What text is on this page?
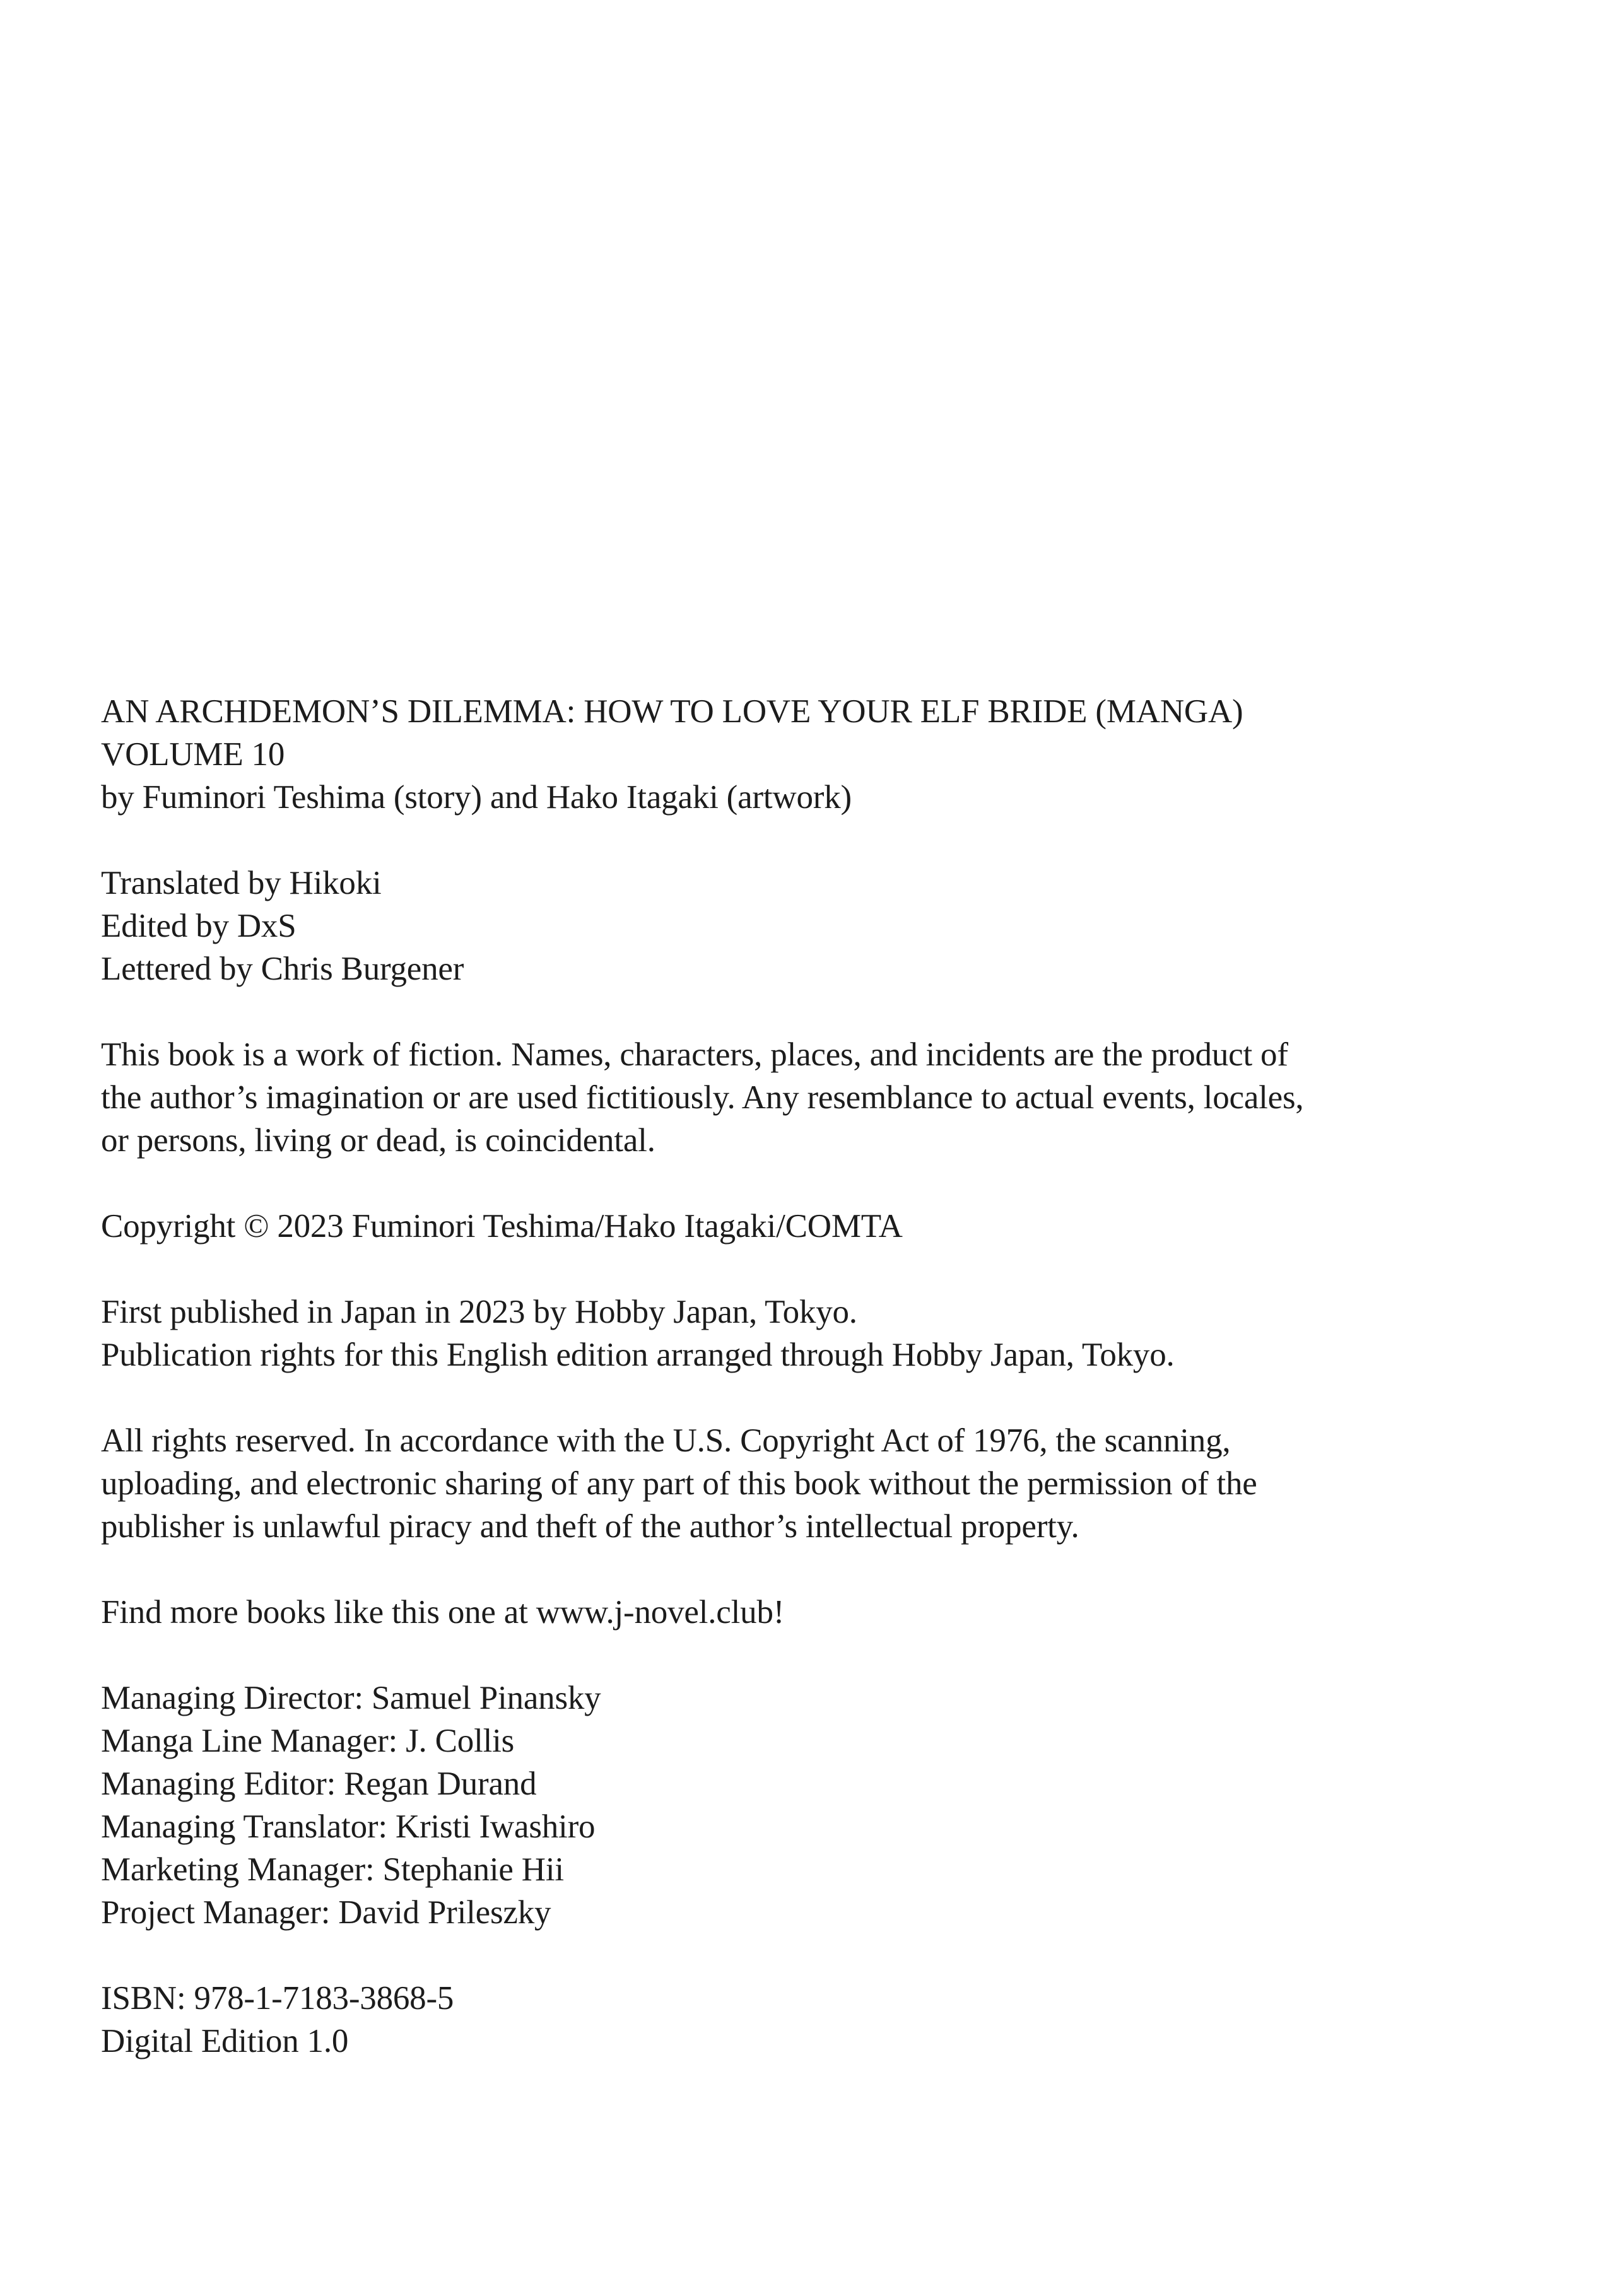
AN ARCHDEMON’S DILEMMA: HOW TO LOVE YOUR ELF BRIDE (MANGA)
VOLUME 10
by Fuminori Teshima (story) and Hako Itagaki (artwork)

Translated by Hikoki
Edited by DxS
Lettered by Chris Burgener

This book is a work of fiction. Names, characters, places, and incidents are the product of
the author’s imagination or are used fictitiously. Any resemblance to actual events, locales,
or persons, living or dead, is coincidental.

Copyright © 2023 Fuminori Teshima/Hako Itagaki/COMTA

First published in Japan in 2023 by Hobby Japan, Tokyo.
Publication rights for this English edition arranged through Hobby Japan, Tokyo.

All rights reserved. In accordance with the U.S. Copyright Act of 1976, the scanning,
uploading, and electronic sharing of any part of this book without the permission of the
publisher is unlawful piracy and theft of the author’s intellectual property.

Find more books like this one at www.j-novel.club!

Managing Director: Samuel Pinansky
Manga Line Manager: J. Collis
Managing Editor: Regan Durand
Managing Translator: Kristi Iwashiro
Marketing Manager: Stephanie Hii
Project Manager: David Prileszky

ISBN: 978-1-7183-3868-5
Digital Edition 1.0
